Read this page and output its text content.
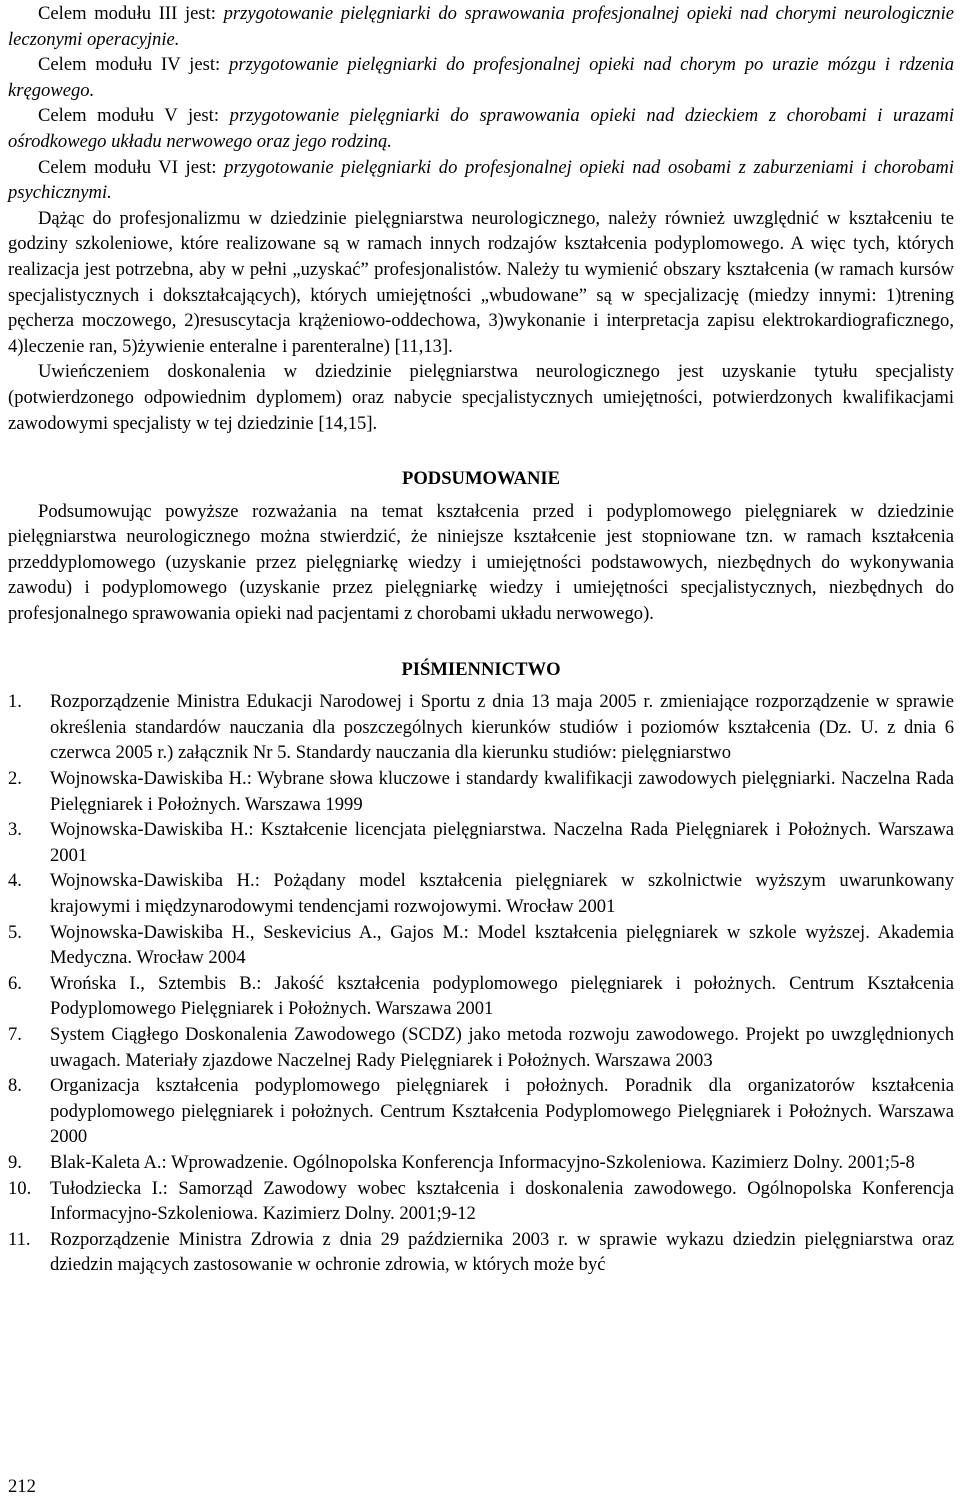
Celem modułu III jest: przygotowanie pielęgniarki do sprawowania profesjonalnej opieki nad chorymi neurologicznie leczonymi operacyjnie.

Celem modułu IV jest: przygotowanie pielęgniarki do profesjonalnej opieki nad chorym po urazie mózgu i rdzenia kręgowego.

Celem modułu V jest: przygotowanie pielęgniarki do sprawowania opieki nad dzieckiem z chorobami i urazami ośrodkowego układu nerwowego oraz jego rodziną.

Celem modułu VI jest: przygotowanie pielęgniarki do profesjonalnej opieki nad osobami z zaburzeniami i chorobami psychicznymi.

Dążąc do profesjonalizmu w dziedzinie pielęgniarstwa neurologicznego, należy również uwzględnić w kształceniu te godziny szkoleniowe, które realizowane są w ramach innych rodzajów kształcenia podyplomowego. A więc tych, których realizacja jest potrzebna, aby w pełni „uzyskać” profesjonalistów. Należy tu wymienić obszary kształcenia (w ramach kursów specjalistycznych i dokształcających), których umiejętności „wbudowane” są w specjalizację (miedzy innymi: 1)trening pęcherza moczowego, 2)resuscytacja krążeniowo-oddechowa, 3)wykonanie i interpretacja zapisu elektrokardiograficznego, 4)leczenie ran, 5)żywienie enteralne i parenteralne) [11,13].

Uwieńczeniem doskonalenia w dziedzinie pielęgniarstwa neurologicznego jest uzyskanie tytułu specjalisty (potwierdzonego odpowiednim dyplomem) oraz nabycie specjalistycznych umiejętności, potwierdzonych kwalifikacjami zawodowymi specjalisty w tej dziedzinie [14,15].

PODSUMOWANIE

Podsumowując powyższe rozważania na temat kształcenia przed i podyplomowego pielęgniarek w dziedzinie pielęgniarstwa neurologicznego można stwierdzić, że niniejsze kształcenie jest stopniowane tzn. w ramach kształcenia przeddyplomowego (uzyskanie przez pielęgniarkę wiedzy i umiejętności podstawowych, niezbędnych do wykonywania zawodu) i podyplomowego (uzyskanie przez pielęgniarkę wiedzy i umiejętności specjalistycznych, niezbędnych do profesjonalnego sprawowania opieki nad pacjentami z chorobami układu nerwowego).

PIŚMIENNICTWO
1. Rozporządzenie Ministra Edukacji Narodowej i Sportu z dnia 13 maja 2005 r. zmieniające rozporządzenie w sprawie określenia standardów nauczania dla poszczególnych kierunków studiów i poziomów kształcenia (Dz. U. z dnia 6 czerwca 2005 r.) załącznik Nr 5. Standardy nauczania dla kierunku studiów: pielęgniarstwo
2. Wojnowska-Dawiskiba H.: Wybrane słowa kluczowe i standardy kwalifikacji zawodowych pielęgniarki. Naczelna Rada Pielęgniarek i Położnych. Warszawa 1999
3. Wojnowska-Dawiskiba H.: Kształcenie licencjata pielęgniarstwa. Naczelna Rada Pielęgniarek i Położnych. Warszawa 2001
4. Wojnowska-Dawiskiba H.: Pożądany model kształcenia pielęgniarek w szkolnictwie wyższym uwarunkowany krajowymi i międzynarodowymi tendencjami rozwojowymi. Wrocław 2001
5. Wojnowska-Dawiskiba H., Seskevicius A., Gajos M.: Model kształcenia pielęgniarek w szkole wyższej. Akademia Medyczna. Wrocław 2004
6. Wrońska I., Sztembis B.: Jakość kształcenia podyplomowego pielęgniarek i położnych. Centrum Kształcenia Podyplomowego Pielęgniarek i Położnych. Warszawa 2001
7. System Ciągłego Doskonalenia Zawodowego (SCDZ) jako metoda rozwoju zawodowego. Projekt po uwzględnionych uwagach. Materiały zjazdowe Naczelnej Rady Pielęgniarek i Położnych. Warszawa 2003
8. Organizacja kształcenia podyplomowego pielęgniarek i położnych. Poradnik dla organizatorów kształcenia podyplomowego pielęgniarek i położnych. Centrum Kształcenia Podyplomowego Pielęgniarek i Położnych. Warszawa 2000
9. Blak-Kaleta A.: Wprowadzenie. Ogólnopolska Konferencja Informacyjno-Szkoleniowa. Kazimierz Dolny. 2001;5-8
10. Tułodziecka I.: Samorząd Zawodowy wobec kształcenia i doskonalenia zawodowego. Ogólnopolska Konferencja Informacyjno-Szkoleniowa. Kazimierz Dolny. 2001;9-12
11. Rozporządzenie Ministra Zdrowia z dnia 29 października 2003 r. w sprawie wykazu dziedzin pielęgniarstwa oraz dziedzin mających zastosowanie w ochronie zdrowia, w których może być
212
